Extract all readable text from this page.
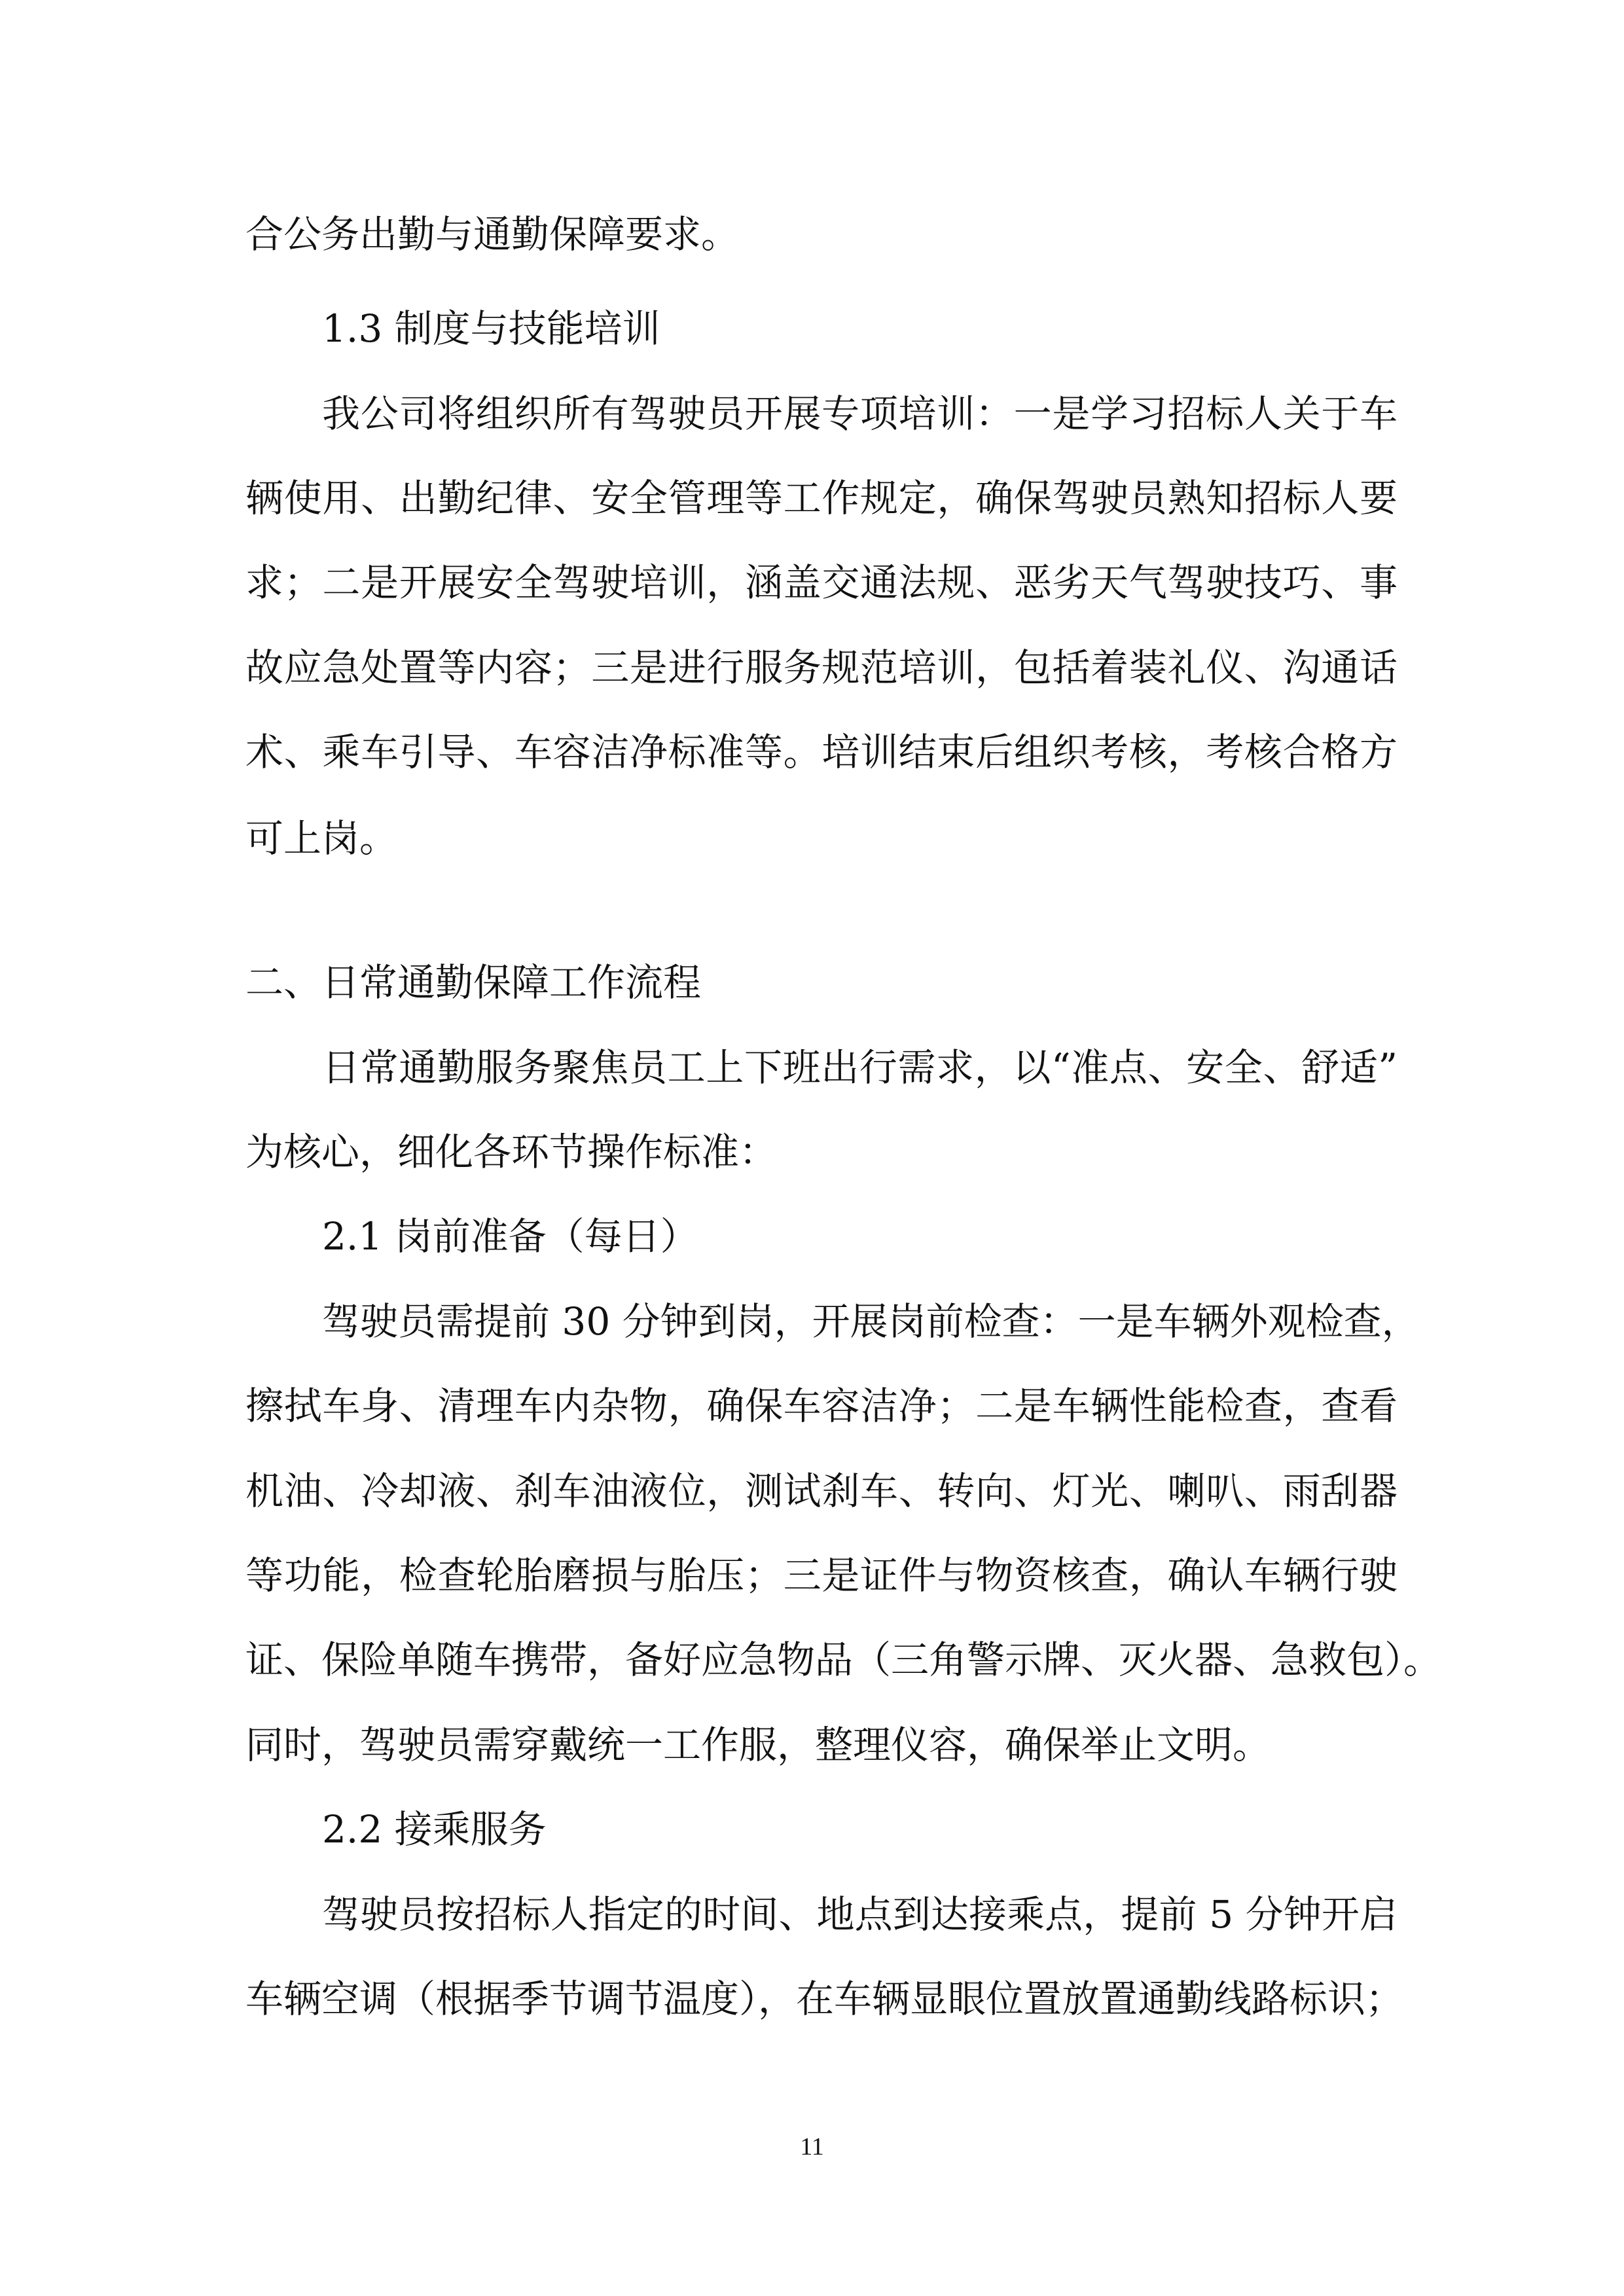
合公务出勤与通勤保障要求。
1.3 制度与技能培训
我公司将组织所有驾驶员开展专项培训：一是学习招标人关于车
辆使用、出勤纪律、安全管理等工作规定，确保驾驶员熟知招标人要
求；二是开展安全驾驶培训，涵盖交通法规、恶劣天气驾驶技巧、事
故应急处置等内容；三是进行服务规范培训，包括着装礼仪、沟通话
术、乘车引导、车容洁净标准等。培训结束后组织考核，考核合格方
可上岗。
二、日常通勤保障工作流程
日常通勤服务聚焦员工上下班出行需求，以“准点、安全、舒适”
为核心，细化各环节操作标准：
2.1 岗前准备（每日）
驾驶员需提前 30 分钟到岗，开展岗前检查：一是车辆外观检查，
擦拭车身、清理车内杂物，确保车容洁净；二是车辆性能检查，查看
机油、冷却液、刹车油液位，测试刹车、转向、灯光、喇叭、雨刮器
等功能，检查轮胎磨损与胎压；三是证件与物资核查，确认车辆行驶
证、保险单随车携带，备好应急物品（三角警示牌、灭火器、急救包）。
同时，驾驶员需穿戴统一工作服，整理仪容，确保举止文明。
2.2 接乘服务
驾驶员按招标人指定的时间、地点到达接乘点，提前 5 分钟开启
车辆空调（根据季节调节温度），在车辆显眼位置放置通勤线路标识；
11
